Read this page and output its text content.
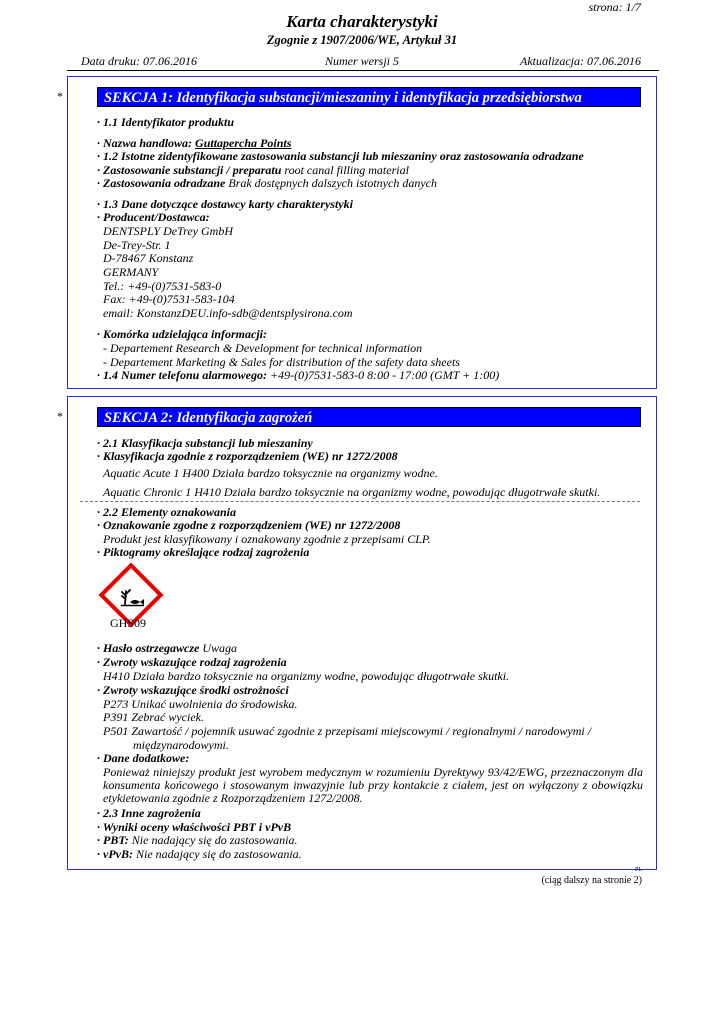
strona: 1/7
Karta charakterystyki
Zgognie z 1907/2006/WE, Artykuł 31
Data druku: 07.06.2016	Numer wersji 5	Aktualizacja: 07.06.2016
*	SEKCJA 1: Identyfikacja substancji/mieszaniny i identyfikacja przedsiębiorstwa
· 1.1 Identyfikator produktu
· Nazwa handlowa: Guttapercha Points
· 1.2 Istotne zidentyfikowane zastosowania substancji lub mieszaniny oraz zastosowania odradzane
· Zastosowanie substancji / preparatu root canal filling material
· Zastosowania odradzane Brak dostępnych dalszych istotnych danych
· 1.3 Dane dotyczące dostawcy karty charakterystyki
· Producent/Dostawca:
DENTSPLY DeTrey GmbH
De-Trey-Str. 1
D-78467 Konstanz
GERMANY
Tel.: +49-(0)7531-583-0
Fax: +49-(0)7531-583-104
email: KonstanzDEU.info-sdb@dentsplysirona.com
· Komórka udzielająca informacji:
- Departement Research & Development for technical information
- Departement Marketing & Sales for distribution of the safety data sheets
· 1.4 Numer telefonu alarmowego: +49-(0)7531-583-0 8:00 - 17:00 (GMT + 1:00)
*	SEKCJA 2: Identyfikacja zagrożeń
· 2.1 Klasyfikacja substancji lub mieszaniny
· Klasyfikacja zgodnie z rozporządzeniem (WE) nr 1272/2008
Aquatic Acute 1 H400 Działa bardzo toksycznie na organizmy wodne.
Aquatic Chronic 1 H410 Działa bardzo toksycznie na organizmy wodne, powodując długotrwałe skutki.
· 2.2 Elementy oznakowania
· Oznakowanie zgodne z rozporządzeniem (WE) nr 1272/2008
Produkt jest klasyfikowany i oznakowany zgodnie z przepisami CLP.
· Piktogramy określające rodzaj zagrożenia
GHS09
· Hasło ostrzegawcze Uwaga
· Zwroty wskazujące rodzaj zagrożenia
H410 Działa bardzo toksycznie na organizmy wodne, powodując długotrwałe skutki.
· Zwroty wskazujące środki ostrożności
P273 Unikać uwolnienia do środowiska.
P391 Zebrać wyciek.
P501 Zawartość / pojemnik usuwać zgodnie z przepisami miejscowymi / regionalnymi / narodowymi /
międzynarodowymi.
· Dane dodatkowe:
Ponieważ niniejszy produkt jest wyrobem medycznym w rozumieniu Dyrektywy 93/42/EWG, przeznaczonym dla konsumenta końcowego i stosowanym inwazyjnie lub przy kontakcie z ciałem, jest on wyłączony z obowiązku etykietowania zgodnie z Rozporządzeniem 1272/2008.
· 2.3 Inne zagrożenia
· Wyniki oceny właściwości PBT i vPvB
· PBT: Nie nadający się do zastosowania.
· vPvB: Nie nadający się do zastosowania.
PL
(ciąg dalszy na stronie 2)
